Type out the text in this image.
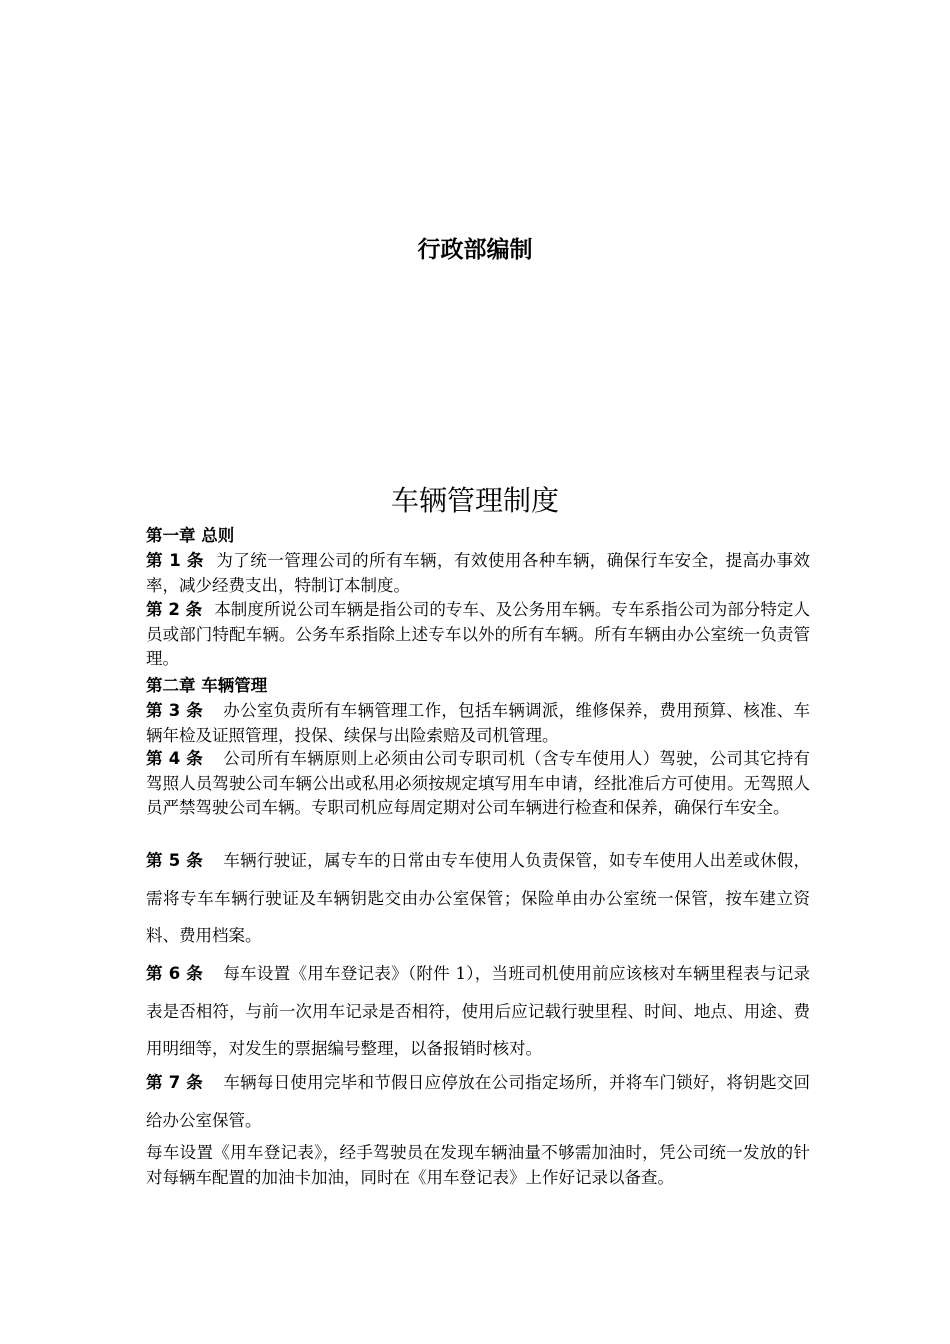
行政部编制
车辆管理制度
第一章 总则
第 1 条 为了统一管理公司的所有车辆，有效使用各种车辆，确保行车安全，提高办事效率，减少经费支出，特制订本制度。
第 2 条 本制度所说公司车辆是指公司的专车、及公务用车辆。专车系指公司为部分特定人员或部门特配车辆。公务车系指除上述专车以外的所有车辆。所有车辆由办公室统一负责管理。
第二章 车辆管理
第 3 条 办公室负责所有车辆管理工作，包括车辆调派，维修保养，费用预算、核准、车辆年检及证照管理，投保、续保与出险索赔及司机管理。
第 4 条 公司所有车辆原则上必须由公司专职司机（含专车使用人）驾驶，公司其它持有驾照人员驾驶公司车辆公出或私用必须按规定填写用车申请，经批准后方可使用。无驾照人员严禁驾驶公司车辆。专职司机应每周定期对公司车辆进行检查和保养，确保行车安全。
第 5 条 车辆行驶证，属专车的日常由专车使用人负责保管，如专车使用人出差或休假，需将专车车辆行驶证及车辆钥匙交由办公室保管；保险单由办公室统一保管，按车建立资料、费用档案。
第 6 条 每车设置《用车登记表》（附件 1），当班司机使用前应该核对车辆里程表与记录表是否相符，与前一次用车记录是否相符，使用后应记载行驶里程、时间、地点、用途、费用明细等，对发生的票据编号整理，以备报销时核对。
第 7 条 车辆每日使用完毕和节假日应停放在公司指定场所，并将车门锁好，将钥匙交回给办公室保管。
每车设置《用车登记表》，经手驾驶员在发现车辆油量不够需加油时，凭公司统一发放的针对每辆车配置的加油卡加油，同时在《用车登记表》上作好记录以备查。
